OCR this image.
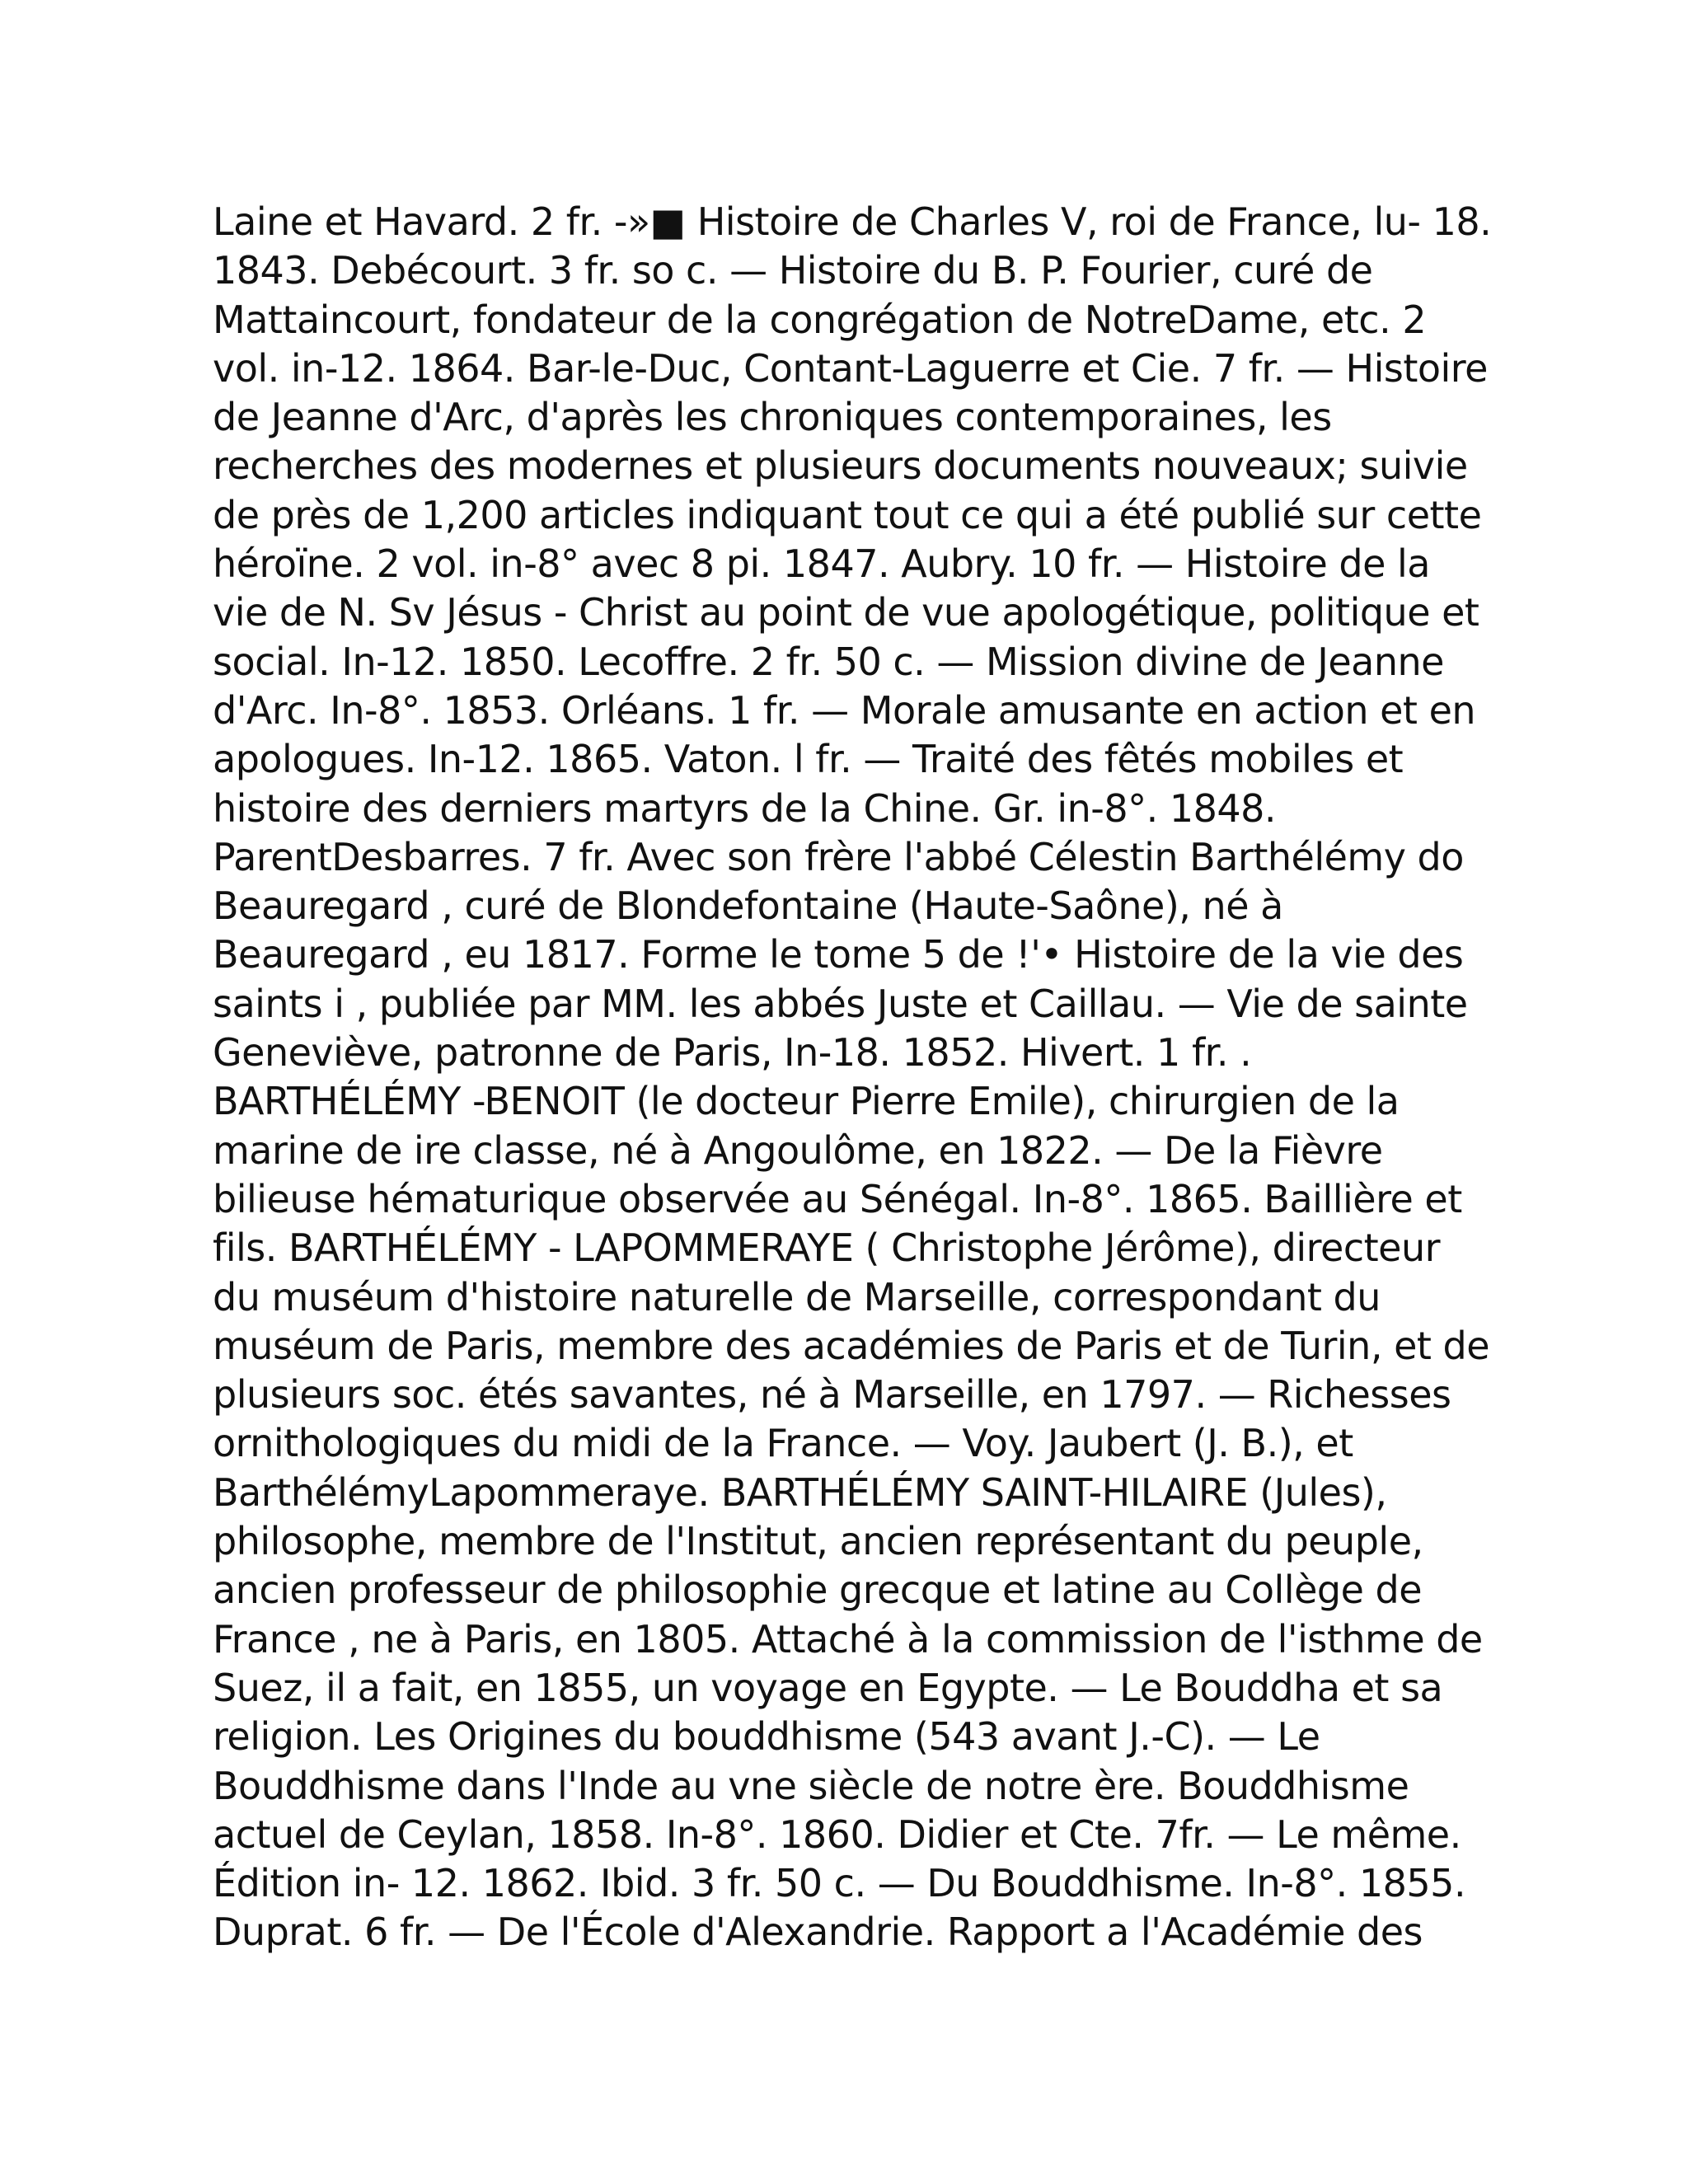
Laine et Havard. 2 fr. -»■ Histoire de Charles V, roi de France, lu- 18.
1843. Debécourt. 3 fr. so c. — Histoire du B. P. Fourier, curé de
Mattaincourt, fondateur de la congrégation de NotreDame, etc. 2
vol. in-12. 1864. Bar-le-Duc, Contant-Laguerre et Cie. 7 fr. — Histoire
de Jeanne d'Arc, d'après les chroniques contemporaines, les
recherches des modernes et plusieurs documents nouveaux; suivie
de près de 1,200 articles indiquant tout ce qui a été publié sur cette
héroïne. 2 vol. in-8° avec 8 pi. 1847. Aubry. 10 fr. — Histoire de la
vie de N. Sv Jésus - Christ au point de vue apologétique, politique et
social. In-12. 1850. Lecoffre. 2 fr. 50 c. — Mission divine de Jeanne
d'Arc. In-8°. 1853. Orléans. 1 fr. — Morale amusante en action et en
apologues. In-12. 1865. Vaton. l fr. — Traité des fêtés mobiles et
histoire des derniers martyrs de la Chine. Gr. in-8°. 1848.
ParentDesbarres. 7 fr. Avec son frère l'abbé Célestin Barthélémy do
Beauregard , curé de Blondefontaine (Haute-Saône), né à
Beauregard , eu 1817. Forme le tome 5 de !'• Histoire de la vie des
saints i , publiée par MM. les abbés Juste et Caillau. — Vie de sainte
Geneviève, patronne de Paris, In-18. 1852. Hivert. 1 fr. .
BARTHÉLÉMY -BENOIT (le docteur Pierre Emile), chirurgien de la
marine de ire classe, né à Angoulôme, en 1822. — De la Fièvre
bilieuse hématurique observée au Sénégal. In-8°. 1865. Baillière et
fils. BARTHÉLÉMY - LAPOMMERAYE ( Christophe Jérôme), directeur
du muséum d'histoire naturelle de Marseille, correspondant du
muséum de Paris, membre des académies de Paris et de Turin, et de
plusieurs soc. étés savantes, né à Marseille, en 1797. — Richesses
ornithologiques du midi de la France. — Voy. Jaubert (J. B.), et
BarthélémyLapommeraye. BARTHÉLÉMY SAINT-HILAIRE (Jules),
philosophe, membre de l'Institut, ancien représentant du peuple,
ancien professeur de philosophie grecque et latine au Collège de
France , ne à Paris, en 1805. Attaché à la commission de l'isthme de
Suez, il a fait, en 1855, un voyage en Egypte. — Le Bouddha et sa
religion. Les Origines du bouddhisme (543 avant J.-C). — Le
Bouddhisme dans l'Inde au vne siècle de notre ère. Bouddhisme
actuel de Ceylan, 1858. In-8°. 1860. Didier et Cte. 7fr. — Le même.
Édition in- 12. 1862. Ibid. 3 fr. 50 c. — Du Bouddhisme. In-8°. 1855.
Duprat. 6 fr. — De l'École d'Alexandrie. Rapport a l'Académie des
